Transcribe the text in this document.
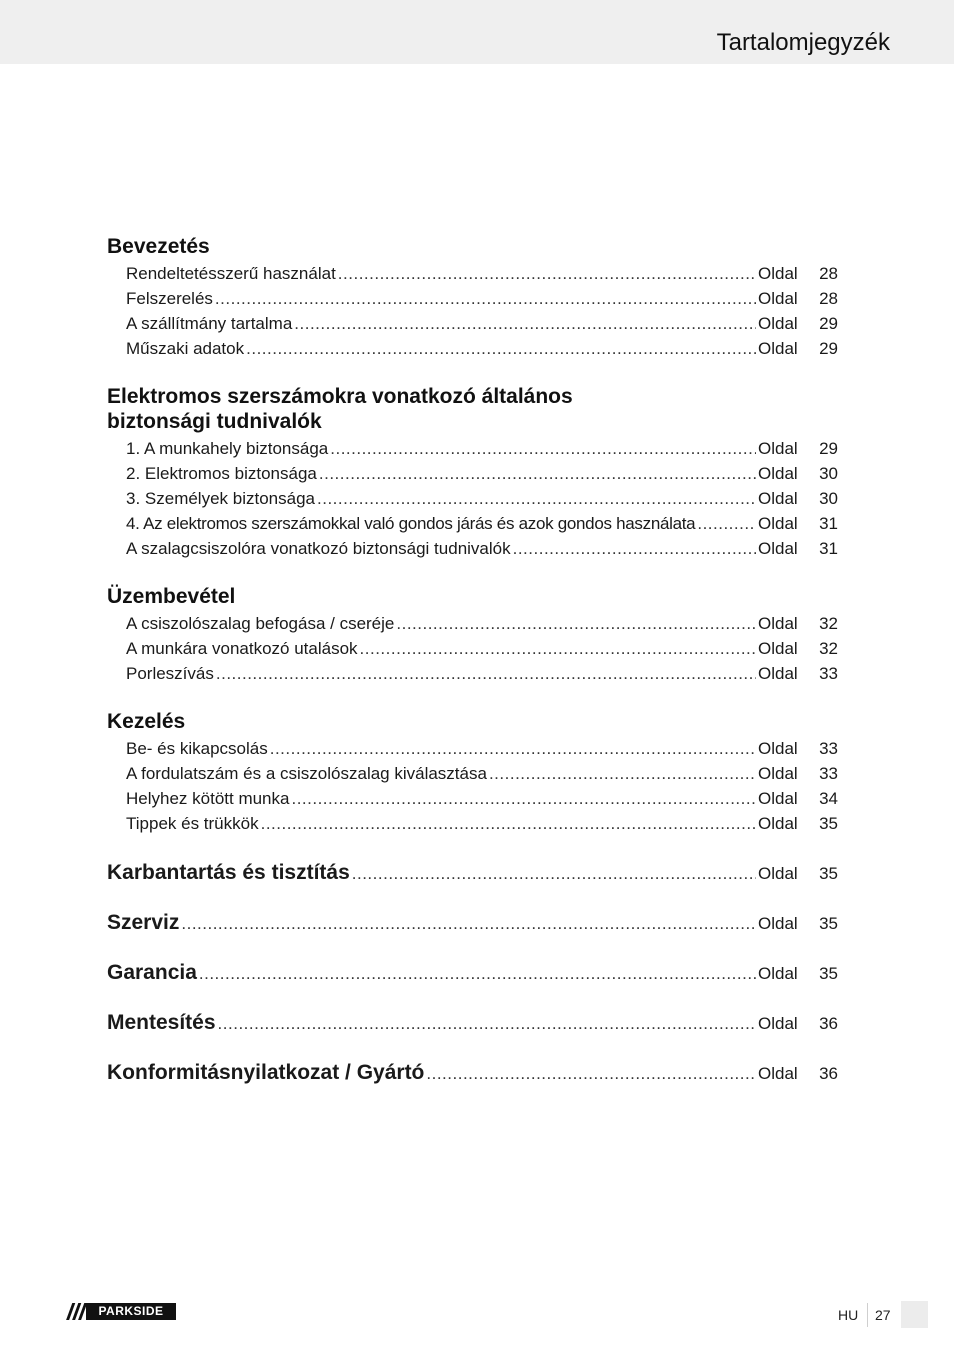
Tartalomjegyzék
Bevezetés
Rendeltetésszerű használat .....	Oldal	28
Felszerelés .....	Oldal	28
A szállítmány tartalma .....	Oldal	29
Műszaki adatok .....	Oldal	29
Elektromos szerszámokra vonatkozó általános
biztonsági tudnivalók
1. A munkahely biztonsága .....	Oldal	29
2. Elektromos biztonsága .....	Oldal	30
3. Személyek biztonsága .....	Oldal	30
4. Az elektromos szerszámokkal való gondos járás és azok gondos használata .....	Oldal	31
A szalagcsiszolóra vonatkozó biztonsági tudnivalók .....	Oldal	31
Üzembevétel
A csiszolószalag befogása / cseréje .....	Oldal	32
A munkára vonatkozó utalások .....	Oldal	32
Porleszívás .....	Oldal	33
Kezelés
Be- és kikapcsolás .....	Oldal	33
A fordulatszám és a csiszolószalag kiválasztása .....	Oldal	33
Helyhez kötött munka .....	Oldal	34
Tippek és trükkök .....	Oldal	35
Karbantartás és tisztítás .....	Oldal	35
Szerviz .....	Oldal	35
Garancia .....	Oldal	35
Mentesítés .....	Oldal	36
Konformitásnyilatkozat / Gyártó .....	Oldal	36
PARKSIDE	HU 27
